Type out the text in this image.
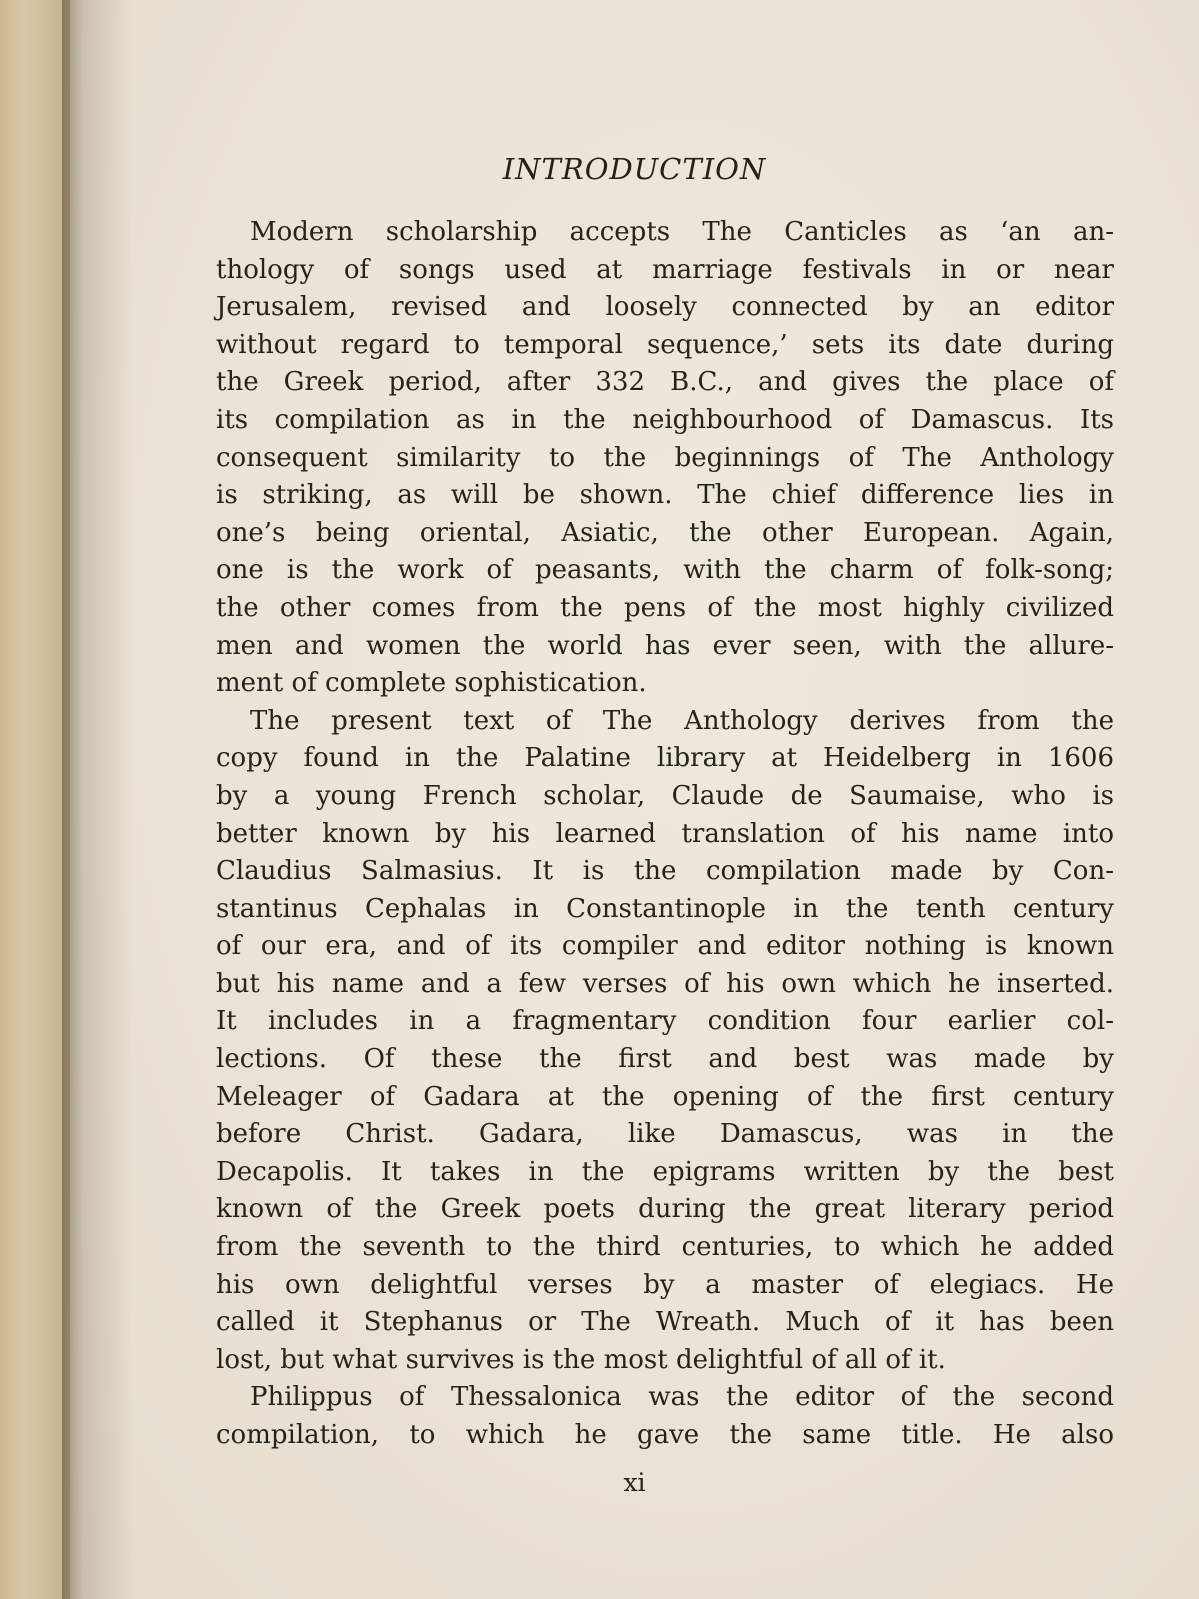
INTRODUCTION
Modern scholarship accepts The Canticles as ‘an an-
thology of songs used at marriage festivals in or near
Jerusalem, revised and loosely connected by an editor
without regard to temporal sequence,’ sets its date during
the Greek period, after 332 B.C., and gives the place of
its compilation as in the neighbourhood of Damascus. Its
consequent similarity to the beginnings of The Anthology
is striking, as will be shown. The chief difference lies in
one’s being oriental, Asiatic, the other European. Again,
one is the work of peasants, with the charm of folk-song;
the other comes from the pens of the most highly civilized
men and women the world has ever seen, with the allure-
ment of complete sophistication.
The present text of The Anthology derives from the
copy found in the Palatine library at Heidelberg in 1606
by a young French scholar, Claude de Saumaise, who is
better known by his learned translation of his name into
Claudius Salmasius. It is the compilation made by Con-
stantinus Cephalas in Constantinople in the tenth century
of our era, and of its compiler and editor nothing is known
but his name and a few verses of his own which he inserted.
It includes in a fragmentary condition four earlier col-
lections. Of these the first and best was made by
Meleager of Gadara at the opening of the first century
before Christ. Gadara, like Damascus, was in the
Decapolis. It takes in the epigrams written by the best
known of the Greek poets during the great literary period
from the seventh to the third centuries, to which he added
his own delightful verses by a master of elegiacs. He
called it Stephanus or The Wreath. Much of it has been
lost, but what survives is the most delightful of all of it.
Philippus of Thessalonica was the editor of the second
compilation, to which he gave the same title. He also
xi
